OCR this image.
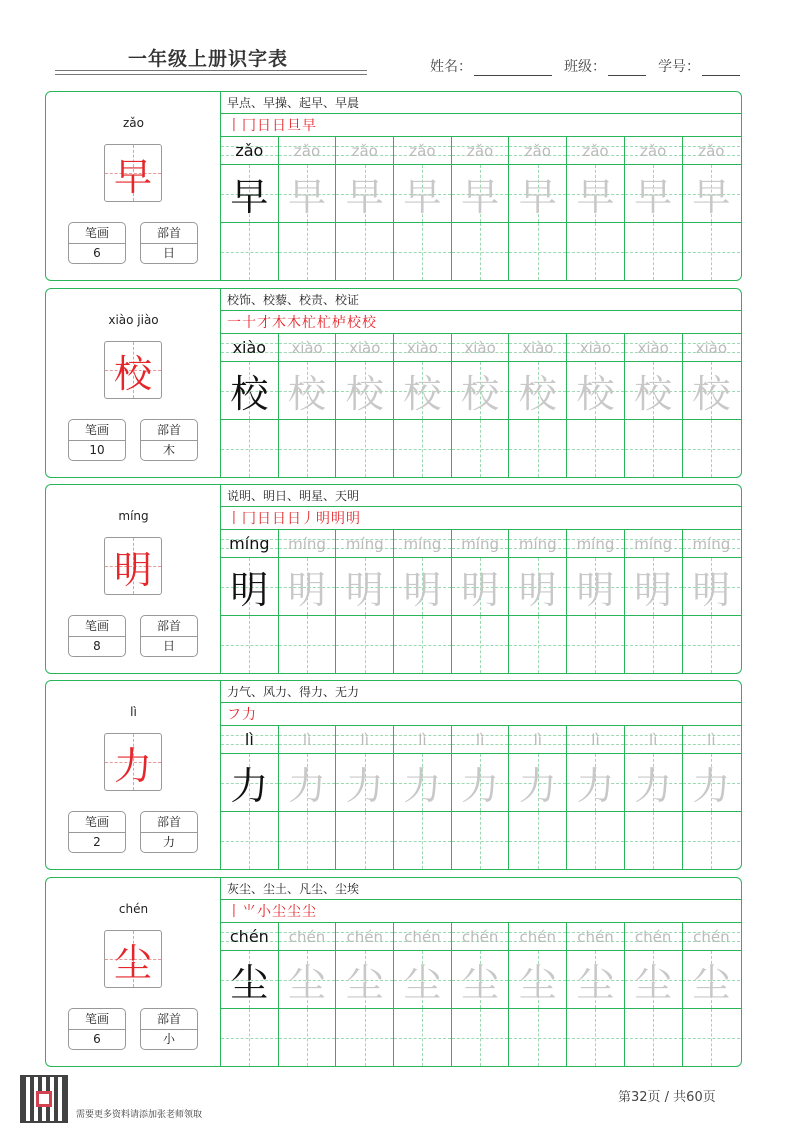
一年级上册识字表	姓名：	班级：	学号：
zǎo
早
笔画
6
部首
日
早点、早操、起早、早晨
丨冂日日旦早
zǎo	zǎo	zǎo	zǎo	zǎo	zǎo	zǎo	zǎo	zǎo
早 早 早 早 早 早 早 早 早
xiào jiào
校
笔画
10
部首
木
校饰、校藜、校责、校证
一十才木木杧杧栌校校
xiào	xiào	xiào	xiào	xiào	xiào	xiào	xiào	xiào
校 校 校 校 校 校 校 校 校
míng
明
笔画
8
部首
日
说明、明日、明星、天明
丨冂日日日丿明明明
míng	míng	míng	míng	míng	míng	míng	míng	míng
明 明 明 明 明 明 明 明 明
lì
力
笔画
2
部首
力
力气、风力、得力、无力
フ力
lì	lì	lì	lì	lì	lì	lì	lì	lì
力 力 力 力 力 力 力 力 力
chén
尘
笔画
6
部首
小
灰尘、尘土、凡尘、尘埃
丨⺌小尘尘尘
chén	chén	chén	chén	chén	chén	chén	chén	chén
尘 尘 尘 尘 尘 尘 尘 尘 尘
需要更多资料请添加张老师领取
第32页 / 共60页
